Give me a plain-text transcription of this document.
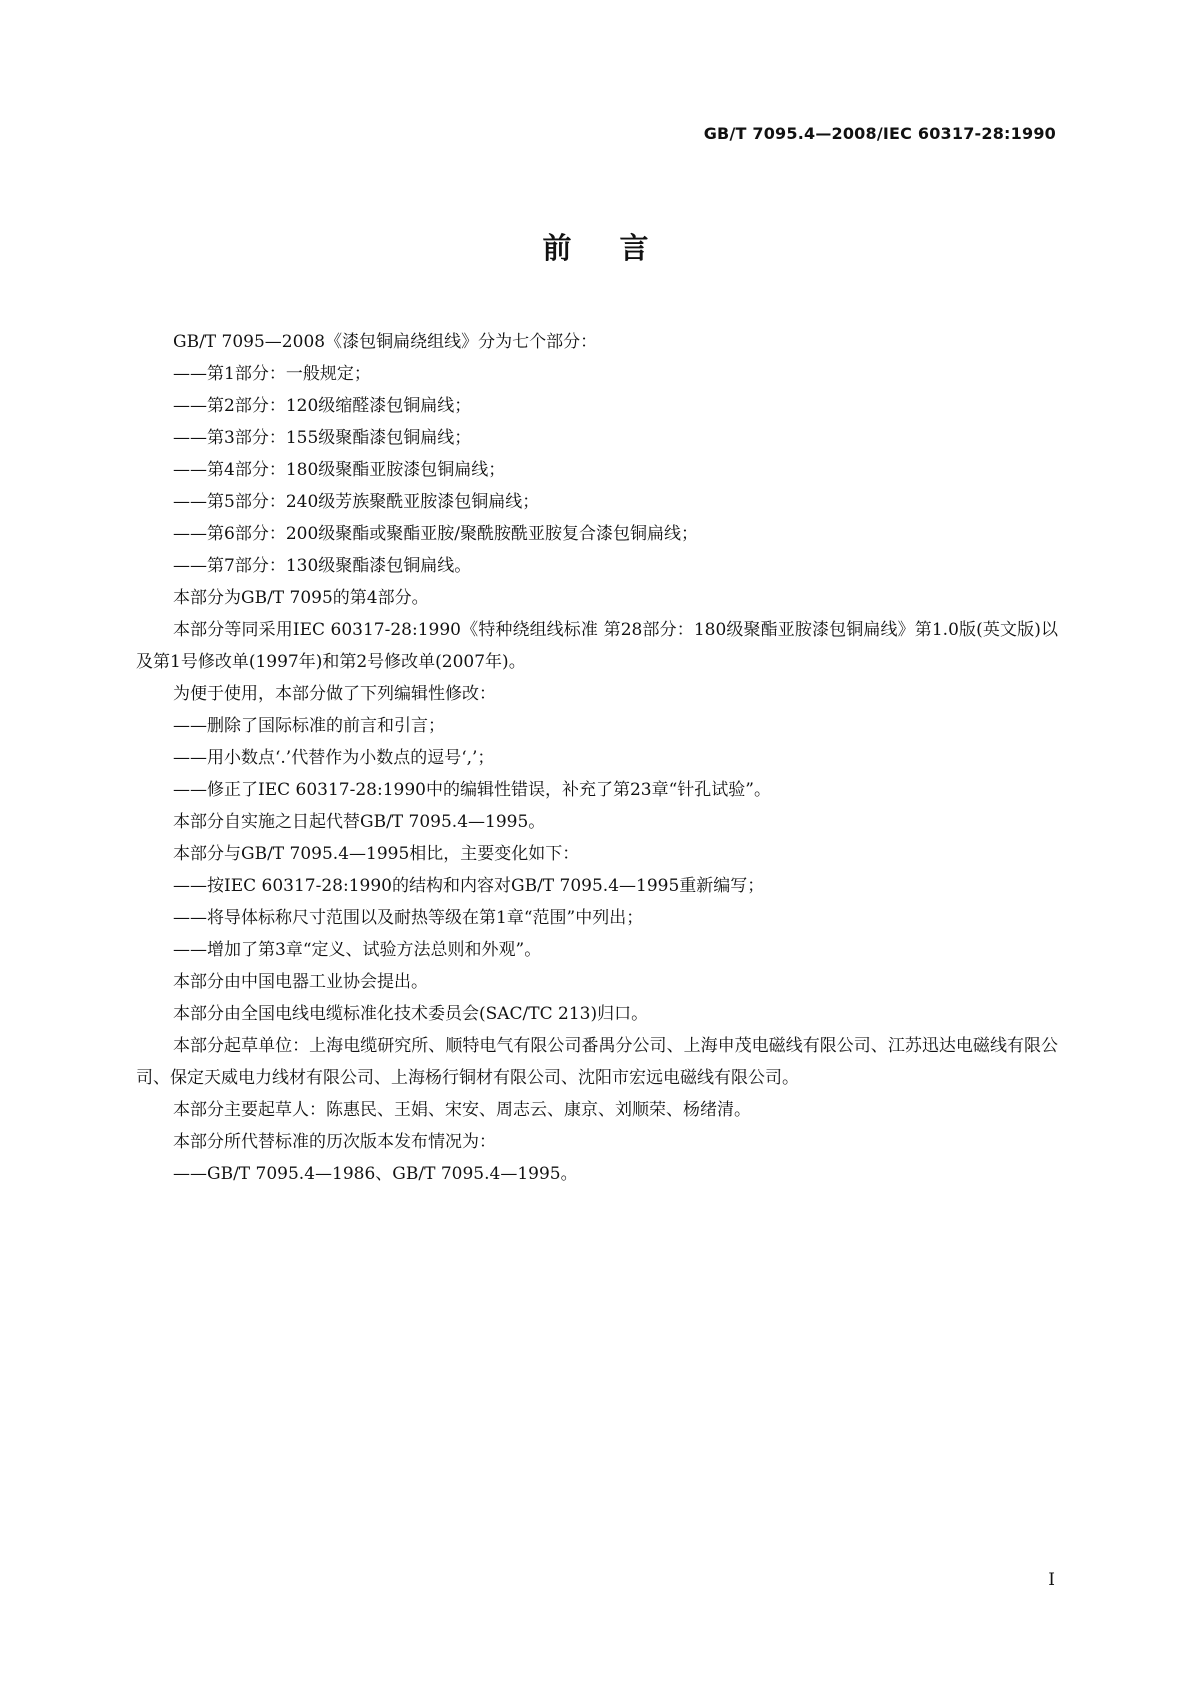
GB/T 7095.4—2008/IEC 60317-28:1990
前言

GB/T 7095—2008《漆包铜扁绕组线》分为七个部分：

——第1部分：一般规定；

——第2部分：120级缩醛漆包铜扁线；

——第3部分：155级聚酯漆包铜扁线；

——第4部分：180级聚酯亚胺漆包铜扁线；

——第5部分：240级芳族聚酰亚胺漆包铜扁线；

——第6部分：200级聚酯或聚酯亚胺/聚酰胺酰亚胺复合漆包铜扁线；

——第7部分：130级聚酯漆包铜扁线。

本部分为GB/T 7095的第4部分。

本部分等同采用IEC 60317-28:1990《特种绕组线标准 第28部分：180级聚酯亚胺漆包铜扁线》第1.0版(英文版)以及第1号修改单(1997年)和第2号修改单(2007年)。

为便于使用，本部分做了下列编辑性修改：

——删除了国际标准的前言和引言；

——用小数点‘.’代替作为小数点的逗号‘,’；

——修正了IEC 60317-28:1990中的编辑性错误，补充了第23章“针孔试验”。

本部分自实施之日起代替GB/T 7095.4—1995。

本部分与GB/T 7095.4—1995相比，主要变化如下：

——按IEC 60317-28:1990的结构和内容对GB/T 7095.4—1995重新编写；

——将导体标称尺寸范围以及耐热等级在第1章“范围”中列出；

——增加了第3章“定义、试验方法总则和外观”。

本部分由中国电器工业协会提出。

本部分由全国电线电缆标准化技术委员会(SAC/TC 213)归口。

本部分起草单位：上海电缆研究所、顺特电气有限公司番禺分公司、上海申茂电磁线有限公司、江苏迅达电磁线有限公司、保定天威电力线材有限公司、上海杨行铜材有限公司、沈阳市宏远电磁线有限公司。

本部分主要起草人：陈惠民、王娟、宋安、周志云、康京、刘顺荣、杨绪清。

本部分所代替标准的历次版本发布情况为：

——GB/T 7095.4—1986、GB/T 7095.4—1995。

I
